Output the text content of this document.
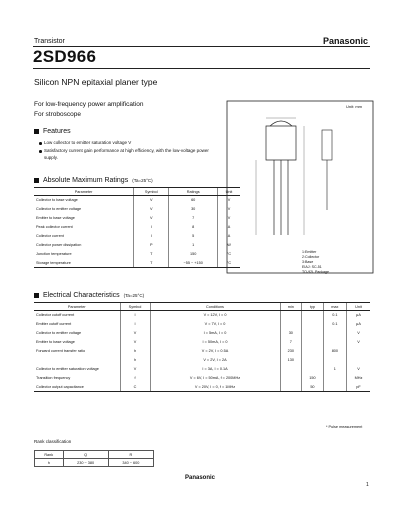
Transistor	Panasonic
2SD966
Silicon NPN epitaxial planer type
For low-frequency power amplification
For stroboscope
Features
Low collector to emitter saturation voltage V
Satisfactory current gain performance at high efficiency, with the low-voltage power supply.
Absolute Maximum Ratings (Ta=25°C)
Parameter	Symbol	Ratings	Unit
Collector to base voltage	V	60	V
Collector to emitter voltage	V	30	V
Emitter to base voltage	V	7	V
Peak collector current	I	8	A
Collector current	I	5	A
Collector power dissipation	P	1	W
Junction temperature	T	150	°C
Storage temperature	T	−55 ~ +150	°C
Unit: mm
1:Emitter
2:Collector
3:Base
EIAJ: SC-51
TO-92L Package
Electrical Characteristics (Ta=25°C)
Parameter	Symbol	Conditions	min	typ	max	Unit
Collector cutoff current	I	V = 12V, I = 0			0.1	μA
Emitter cutoff current	I	V = 7V, I = 0			0.1	μA
Collector to emitter voltage	V	I = 5mA, I = 0	30			V
Emitter to base voltage	V	I = 50mA, I = 0	7			V
Forward current transfer ratio	h	V = 2V, I = 0.5A	230		800	
	h	V = 2V, I = 2A	130			
Collector to emitter saturation voltage	V	I = 3A, I = 0.1A			1	V
Transition frequency	f	V = 6V, I = 50mA, f = 200MHz		150		MHz
Collector output capacitance	C	V = 20V, I = 0, f = 1MHz		50		pF
* Pulse measurement
Rank classification
Rank	Q	R
h	230 ~ 380	340 ~ 600
Panasonic
1
